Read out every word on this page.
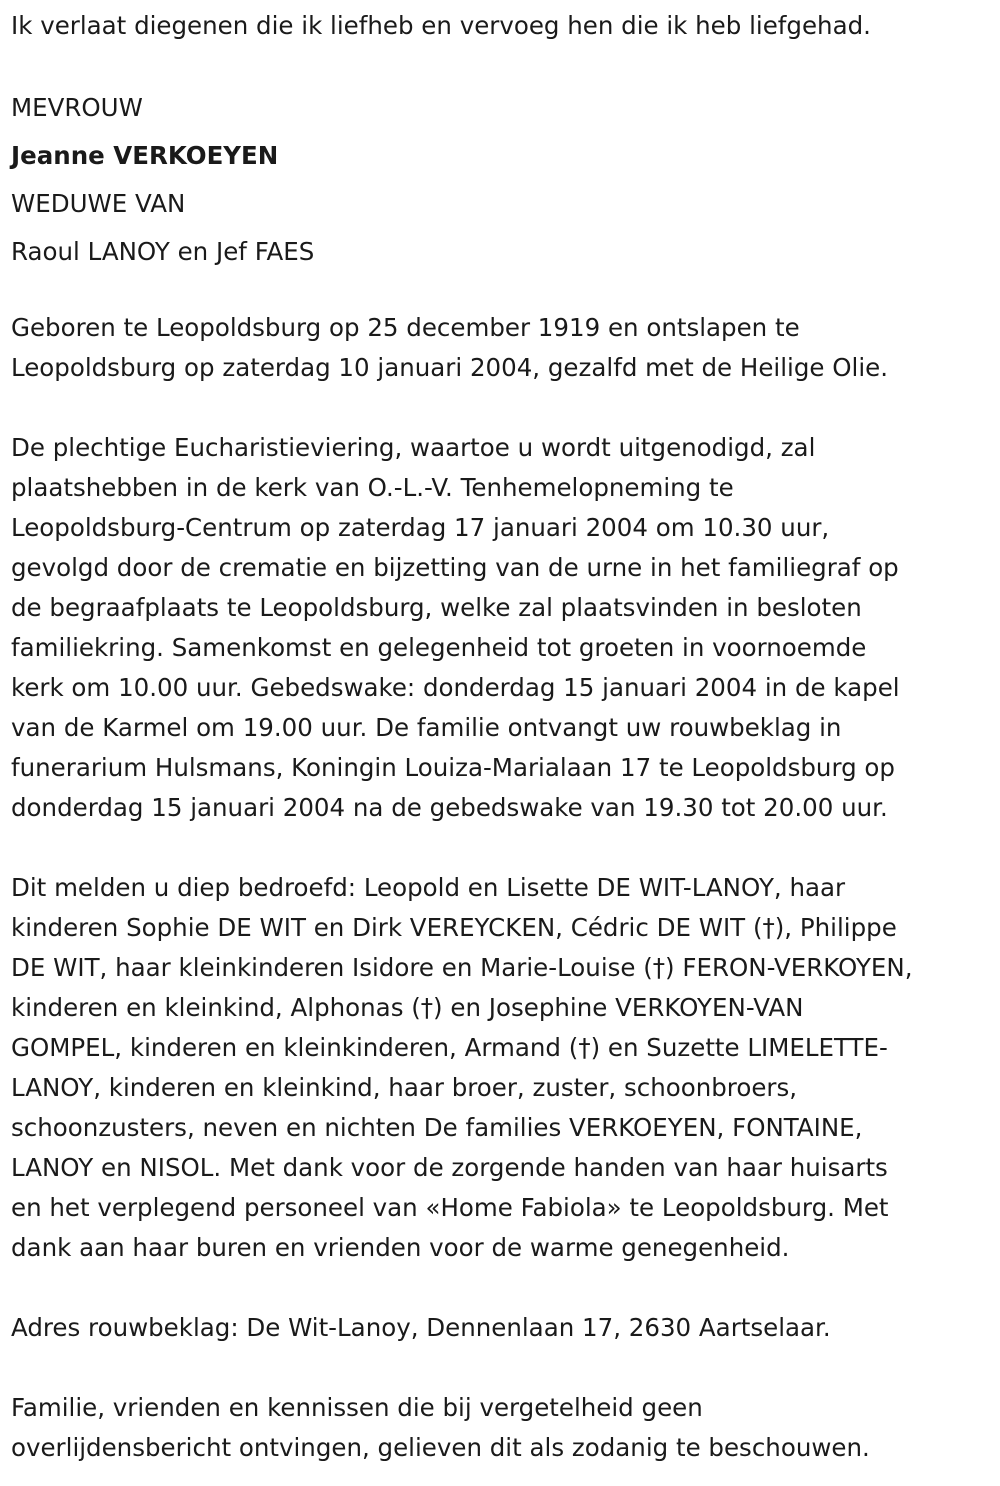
Ik verlaat diegenen die ik liefheb en vervoeg hen die ik heb liefgehad.

MEVROUW

Jeanne VERKOEYEN

WEDUWE VAN

Raoul LANOY en Jef FAES

Geboren te Leopoldsburg op 25 december 1919 en ontslapen te
Leopoldsburg op zaterdag 10 januari 2004, gezalfd met de Heilige Olie.

De plechtige Eucharistieviering, waartoe u wordt uitgenodigd, zal
plaatshebben in de kerk van O.-L.-V. Tenhemelopneming te
Leopoldsburg-Centrum op zaterdag 17 januari 2004 om 10.30 uur,
gevolgd door de crematie en bijzetting van de urne in het familiegraf op
de begraafplaats te Leopoldsburg, welke zal plaatsvinden in besloten
familiekring. Samenkomst en gelegenheid tot groeten in voornoemde
kerk om 10.00 uur. Gebedswake: donderdag 15 januari 2004 in de kapel
van de Karmel om 19.00 uur. De familie ontvangt uw rouwbeklag in
funerarium Hulsmans, Koningin Louiza-Marialaan 17 te Leopoldsburg op
donderdag 15 januari 2004 na de gebedswake van 19.30 tot 20.00 uur.

Dit melden u diep bedroefd: Leopold en Lisette DE WIT-LANOY, haar
kinderen Sophie DE WIT en Dirk VEREYCKEN, Cédric DE WIT (†), Philippe
DE WIT, haar kleinkinderen Isidore en Marie-Louise (†) FERON-VERKOYEN,
kinderen en kleinkind, Alphonas (†) en Josephine VERKOYEN-VAN
GOMPEL, kinderen en kleinkinderen, Armand (†) en Suzette LIMELETTE-
LANOY, kinderen en kleinkind, haar broer, zuster, schoonbroers,
schoonzusters, neven en nichten De families VERKOEYEN, FONTAINE,
LANOY en NISOL. Met dank voor de zorgende handen van haar huisarts
en het verplegend personeel van «Home Fabiola» te Leopoldsburg. Met
dank aan haar buren en vrienden voor de warme genegenheid.

Adres rouwbeklag: De Wit-Lanoy, Dennenlaan 17, 2630 Aartselaar.

Familie, vrienden en kennissen die bij vergetelheid geen
overlijdensbericht ontvingen, gelieven dit als zodanig te beschouwen.
